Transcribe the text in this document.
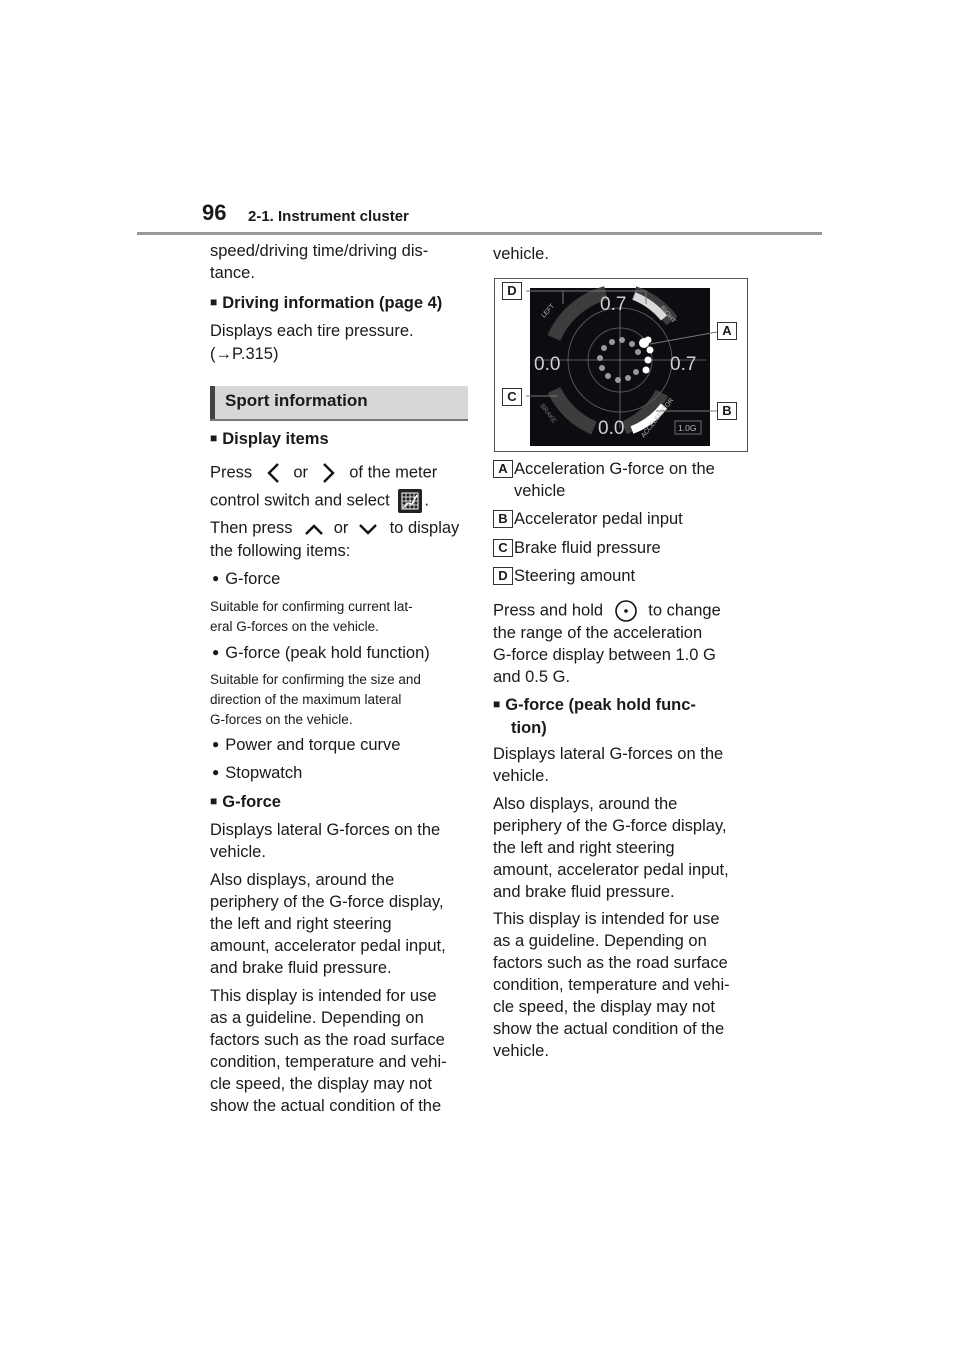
96 2-1. Instrument cluster

speed/driving time/driving dis-
tance.

■ Driving information (page 4)

Displays each tire pressure.

(→P.315)

Sport information

■ Display items

Press or of the meter

control switch and select .

Then press or to display

the following items:

● G-force

Suitable for confirming current lat-
eral G-forces on the vehicle.

● G-force (peak hold function)

Suitable for confirming the size and
direction of the maximum lateral
G-forces on the vehicle.

● Power and torque curve

● Stopwatch

■ G-force

Displays lateral G-forces on the
vehicle.

Also displays, around the
periphery of the G-force display,
the left and right steering
amount, accelerator pedal input,
and brake fluid pressure.

This display is intended for use
as a guideline. Depending on
factors such as the road surface
condition, temperature and vehi-
cle speed, the display may not
show the actual condition of the

vehicle.

0.7
0.0	0.7
0.0
LEFT	RIGHT
BRAKE	ACCELERATOR 1.0G
D
A
C
B
A Acceleration G-force on the
vehicle
B Accelerator pedal input
C Brake fluid pressure
D Steering amount

Press and hold	to change

the range of the acceleration
G-force display between 1.0 G
and 0.5 G.

■ G-force (peak hold func-
tion)

Displays lateral G-forces on the
vehicle.

Also displays, around the
periphery of the G-force display,
the left and right steering
amount, accelerator pedal input,
and brake fluid pressure.

This display is intended for use
as a guideline. Depending on
factors such as the road surface
condition, temperature and vehi-
cle speed, the display may not
show the actual condition of the
vehicle.
